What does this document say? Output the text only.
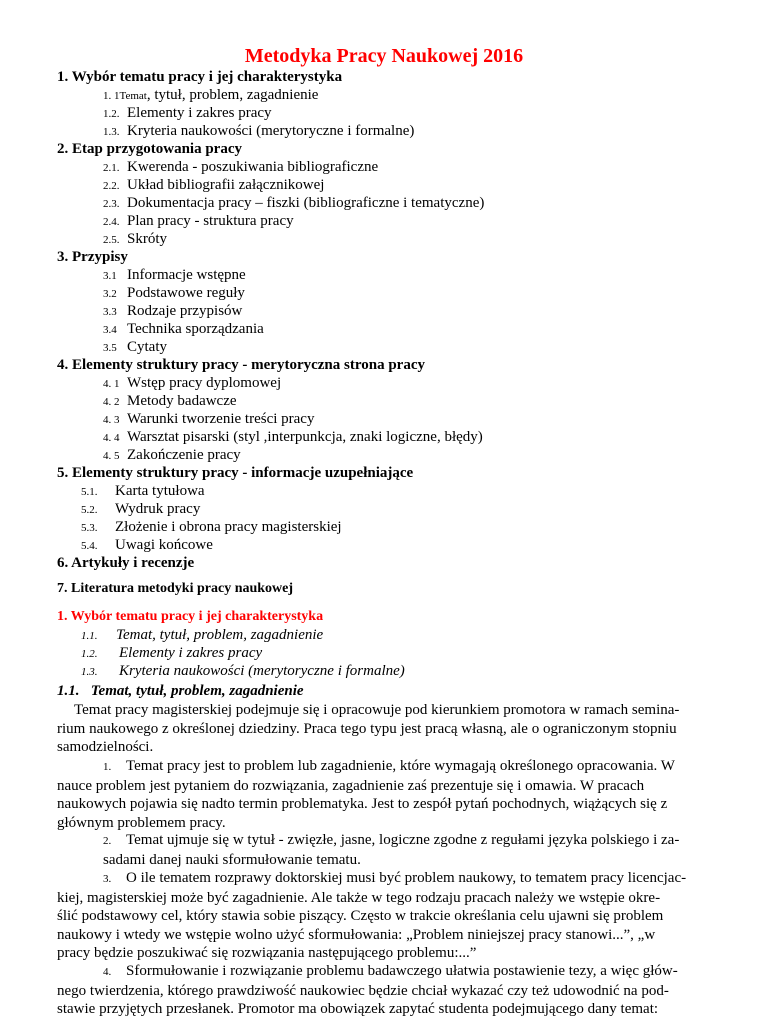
Metodyka Pracy Naukowej 2016
1. Wybór tematu pracy i jej charakterystyka
1. 1Temat, tytuł, problem, zagadnienie
1.2. Elementy i zakres pracy
1.3. Kryteria naukowości (merytoryczne i formalne)
2. Etap przygotowania pracy
2.1. Kwerenda - poszukiwania bibliograficzne
2.2. Układ bibliografii załącznikowej
2.3. Dokumentacja pracy – fiszki (bibliograficzne i tematyczne)
2.4. Plan pracy - struktura pracy
2.5. Skróty
3. Przypisy
3.1 Informacje wstępne
3.2 Podstawowe reguły
3.3 Rodzaje przypisów
3.4 Technika sporządzania
3.5 Cytaty
4. Elementy struktury pracy - merytoryczna strona pracy
4. 1 Wstęp pracy dyplomowej
4. 2 Metody badawcze
4. 3 Warunki tworzenie treści pracy
4. 4 Warsztat pisarski (styl ,interpunkcja, znaki logiczne, błędy)
4. 5 Zakończenie pracy
5. Elementy struktury pracy - informacje uzupełniające
5.1. Karta tytułowa
5.2. Wydruk pracy
5.3. Złożenie i obrona pracy magisterskiej
5.4. Uwagi końcowe
6. Artykuły i recenzje
7. Literatura metodyki pracy naukowej
1. Wybór tematu pracy i jej charakterystyka
1.1. Temat, tytuł, problem, zagadnienie
1.2. Elementy i zakres pracy
1.3. Kryteria naukowości (merytoryczne i formalne)
1.1.   Temat, tytuł, problem, zagadnienie
Temat pracy magisterskiej podejmuje się i opracowuje pod kierunkiem promotora w ramach semina-
rium naukowego z określonej dziedziny. Praca tego typu jest pracą własną, ale o ograniczonym stopniu
samodzielności.
1. Temat pracy jest to problem lub zagadnienie, które wymagają określonego opracowania. W
nauce problem jest pytaniem do rozwiązania, zagadnienie zaś prezentuje się i omawia. W pracach
naukowych pojawia się nadto termin problematyka. Jest to zespół pytań pochodnych, wiążących się z
głównym problemem pracy.
2. Temat ujmuje się w tytuł - zwięzłe, jasne, logiczne zgodne z regułami języka polskiego i za-
sadami danej nauki sformułowanie tematu.
3. O ile tematem rozprawy doktorskiej musi być problem naukowy, to tematem pracy licencjac-
kiej, magisterskiej może być zagadnienie. Ale także w tego rodzaju pracach należy we wstępie okre-
ślić podstawowy cel, który stawia sobie piszący. Często w trakcie określania celu ujawni się problem
naukowy i wtedy we wstępie wolno użyć sformułowania: „Problem niniejszej pracy stanowi...”, „w
pracy będzie poszukiwać się rozwiązania następującego problemu:...”
4. Sformułowanie i rozwiązanie problemu badawczego ułatwia postawienie tezy, a więc głów-
nego twierdzenia, którego prawdziwość naukowiec będzie chciał wykazać czy też udowodnić na pod-
stawie przyjętych przesłanek. Promotor ma obowiązek zapytać studenta podejmującego dany temat:
